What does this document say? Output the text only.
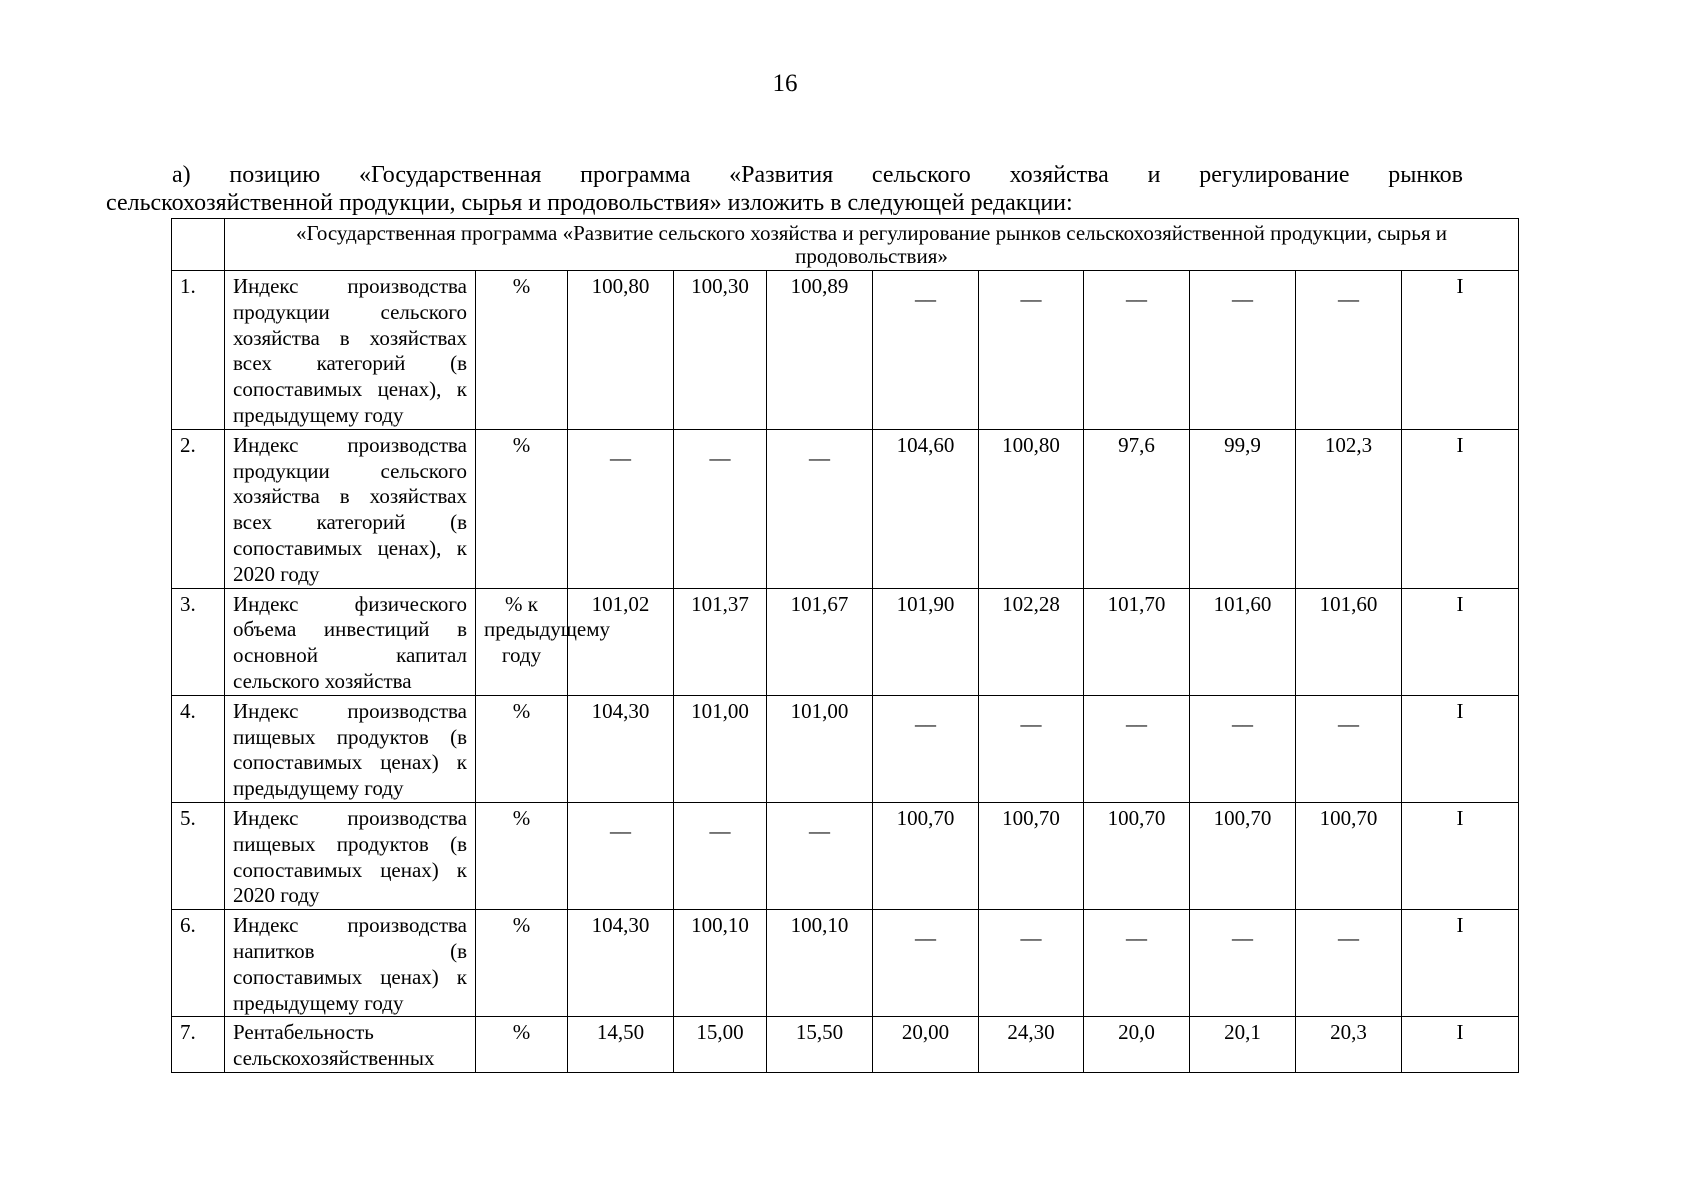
16
а) позицию «Государственная программа «Развития сельского хозяйства и регулирование рынков
сельскохозяйственной продукции, сырья и продовольствия» изложить в следующей редакции:
	«Государственная программа «Развитие сельского хозяйства и регулирование рынков сельскохозяйственной продукции, сырья и продовольствия»										
1.	Индекс производства продукции сельского хозяйства в хозяйствах всех категорий (в сопоставимых ценах), к предыдущему году	%	100,80	100,30	100,89	__	__	__	__	__	I
2.	Индекс производства продукции сельского хозяйства в хозяйствах всех категорий (в сопоставимых ценах), к 2020 году	%	__	__	__	104,60	100,80	97,6	99,9	102,3	I
3.	Индекс физического объема инвестиций в основной капитал сельского хозяйства	% к предыдущему году	101,02	101,37	101,67	101,90	102,28	101,70	101,60	101,60	I
4.	Индекс производства пищевых продуктов (в сопоставимых ценах) к предыдущему году	%	104,30	101,00	101,00	__	__	__	__	__	I
5.	Индекс производства пищевых продуктов (в сопоставимых ценах) к 2020 году	%	__	__	__	100,70	100,70	100,70	100,70	100,70	I
6.	Индекс производства напитков (в сопоставимых ценах) к предыдущему году	%	104,30	100,10	100,10	__	__	__	__	__	I
7.	Рентабельность сельскохозяйственных	%	14,50	15,00	15,50	20,00	24,30	20,0	20,1	20,3	I
